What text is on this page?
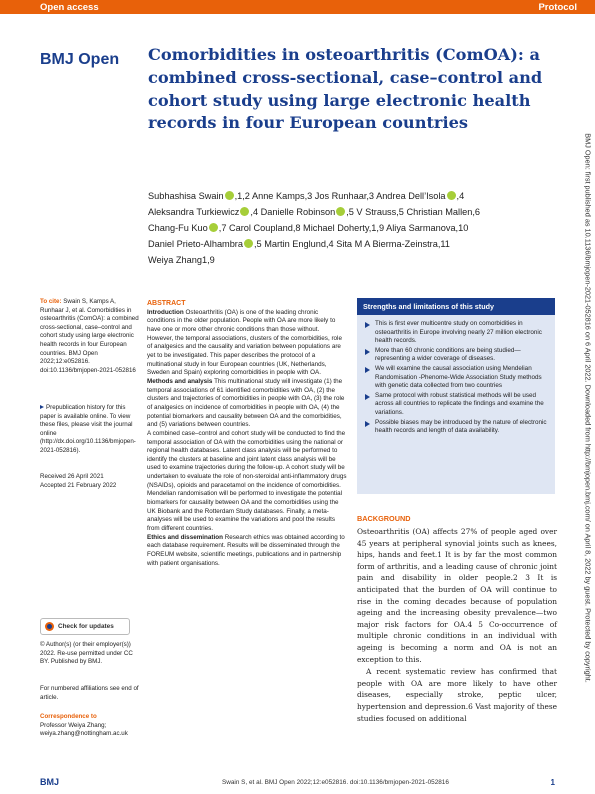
Open access	Protocol
BMJ Open Comorbidities in osteoarthritis (ComOA): a combined cross-sectional, case–control and cohort study using large electronic health records in four European countries
Subhashisa Swain ,1,2 Anne Kamps,3 Jos Runhaar,3 Andrea Dell’Isola ,4
Aleksandra Turkiewicz ,4 Danielle Robinson ,5 V Strauss,5 Christian Mallen,6
Chang-Fu Kuo ,7 Carol Coupland,8 Michael Doherty,1,9 Aliya Sarmanova,10
Daniel Prieto-Alhambra ,5 Martin Englund,4 Sita M A Bierma-Zeinstra,11
Weiya Zhang1,9
To cite: Swain S, Kamps A, Runhaar J, et al. Comorbidities in osteoarthritis (ComOA): a combined cross-sectional, case–control and cohort study using large electronic health records in four European countries. BMJ Open 2022;12:e052816. doi:10.1136/bmjopen-2021-052816
Prepublication history for this paper is available online. To view these files, please visit the journal online (http://dx.doi.org/10.1136/bmjopen-2021-052816).
Received 26 April 2021
Accepted 21 February 2022
Check for updates
© Author(s) (or their employer(s)) 2022. Re-use permitted under CC BY. Published by BMJ.
For numbered affiliations see end of article.
Correspondence to
Professor Weiya Zhang; weiya.zhang@nottingham.ac.uk

ABSTRACT

Introduction Osteoarthritis (OA) is one of the leading chronic conditions in the older population. People with OA are more likely to have one or more other chronic conditions than those without. However, the temporal associations, clusters of the comorbidities, role of analgesics and the causality and variation between populations are yet to be investigated. This paper describes the protocol of a multinational study in four European countries (UK, Netherlands, Sweden and Spain) exploring comorbidities in people with OA.

Methods and analysis This multinational study will investigate (1) the temporal associations of 61 identified comorbidities with OA, (2) the clusters and trajectories of comorbidities in people with OA, (3) the role of analgesics on incidence of comorbidities in people with OA, (4) the potential biomarkers and causality between OA and the comorbidities, and (5) variations between countries.

A combined case–control and cohort study will be conducted to find the temporal association of OA with the comorbidities using the national or regional health databases. Latent class analysis will be performed to identify the clusters at baseline and joint latent class analysis will be used to examine trajectories during the follow-up. A cohort study will be undertaken to evaluate the role of non-steroidal anti-inflammatory drugs (NSAIDs), opioids and paracetamol on the incidence of comorbidities. Mendelian randomisation will be performed to investigate the potential biomarkers for causality between OA and the comorbidities using the UK Biobank and the Rotterdam Study databases. Finally, a meta-analyses will be used to examine the variations and pool the results from different countries.

Ethics and dissemination Research ethics was obtained according to each database requirement. Results will be disseminated through the FOREUM website, scientific meetings, publications and in partnership with patient organisations.

Strengths and limitations of this study
This is first ever multicentre study on comorbidities in osteoarthritis in Europe involving nearly 27 million electronic health records.
More than 60 chronic conditions are being studied—representing a wider coverage of diseases.
We will examine the causal association using Mendelian Randomisation -Phenome-Wide Association Study methods with genetic data collected from two countries
Same protocol with robust statistical methods will be used across all countries to replicate the findings and examine the variations.
Possible biases may be introduced by the nature of electronic health records and length of data availability.
BACKGROUND

Osteoarthritis (OA) affects 27% of people aged over 45 years at peripheral synovial joints such as knees, hips, hands and feet.1 It is by far the most common form of arthritis, and a leading cause of chronic joint pain and disability in older people.2 3 It is anticipated that the burden of OA will continue to rise in the coming decades because of population ageing and the increasing obesity prevalence—two major risk factors for OA.4 5 Co-occurrence of multiple chronic conditions in an individual with ageing is becoming a norm and OA is not an exception to this.

A recent systematic review has confirmed that people with OA are more likely to have other diseases, especially stroke, peptic ulcer, hypertension and depression.6 Vast majority of these studies focused on additional

BMJ Open: first published as 10.1136/bmjopen-2021-052816 on 6 April 2022. Downloaded from http://bmjopen.bmj.com/ on April 8, 2022 by guest. Protected by copyright.
BMJ	Swain S, et al. BMJ Open 2022;12:e052816. doi:10.1136/bmjopen-2021-052816	1
